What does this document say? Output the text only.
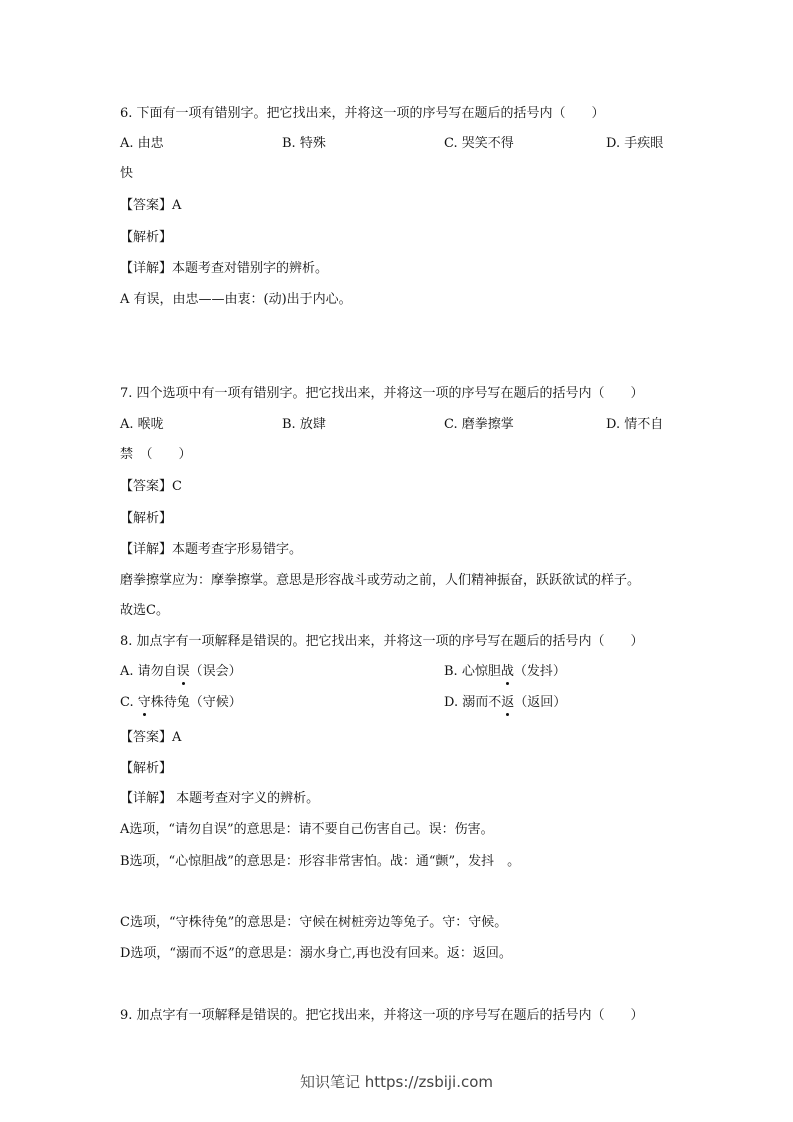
6. 下面有一项有错别字。把它找出来，并将这一项的序号写在题后的括号内（　　）
A. 由忠	B. 特殊	C. 哭笑不得	D. 手疾眼
快
【答案】A
【解析】
【详解】本题考查对错别字的辨析。
A 有误，由忠——由衷：(动)出于内心。
7. 四个选项中有一项有错别字。把它找出来，并将这一项的序号写在题后的括号内（　　）
A. 喉咙	B. 放肆	C. 磨拳擦掌	D. 情不自
禁　（　　）
【答案】C
【解析】
【详解】本题考查字形易错字。
磨拳擦掌应为：摩拳擦掌。意思是形容战斗或劳动之前，人们精神振奋，跃跃欲试的样子。
故选C。
8. 加点字有一项解释是错误的。把它找出来，并将这一项的序号写在题后的括号内（　　）
A. 请勿自误（误会）	B. 心惊胆战（发抖）
C. 守株待兔（守候）	D. 溺而不返（返回）
【答案】A
【解析】
【详解】 本题考查对字义的辨析。
A选项，“请勿自误”的意思是：请不要自己伤害自己。误：伤害。
B选项，“心惊胆战”的意思是：形容非常害怕。战：通“颤”，发抖　。
C选项，“守株待兔”的意思是：守候在树桩旁边等兔子。守：守候。
D选项，“溺而不返”的意思是：溺水身亡,再也没有回来。返：返回。
9. 加点字有一项解释是错误的。把它找出来，并将这一项的序号写在题后的括号内（　　）
知识笔记 https://zsbiji.com
